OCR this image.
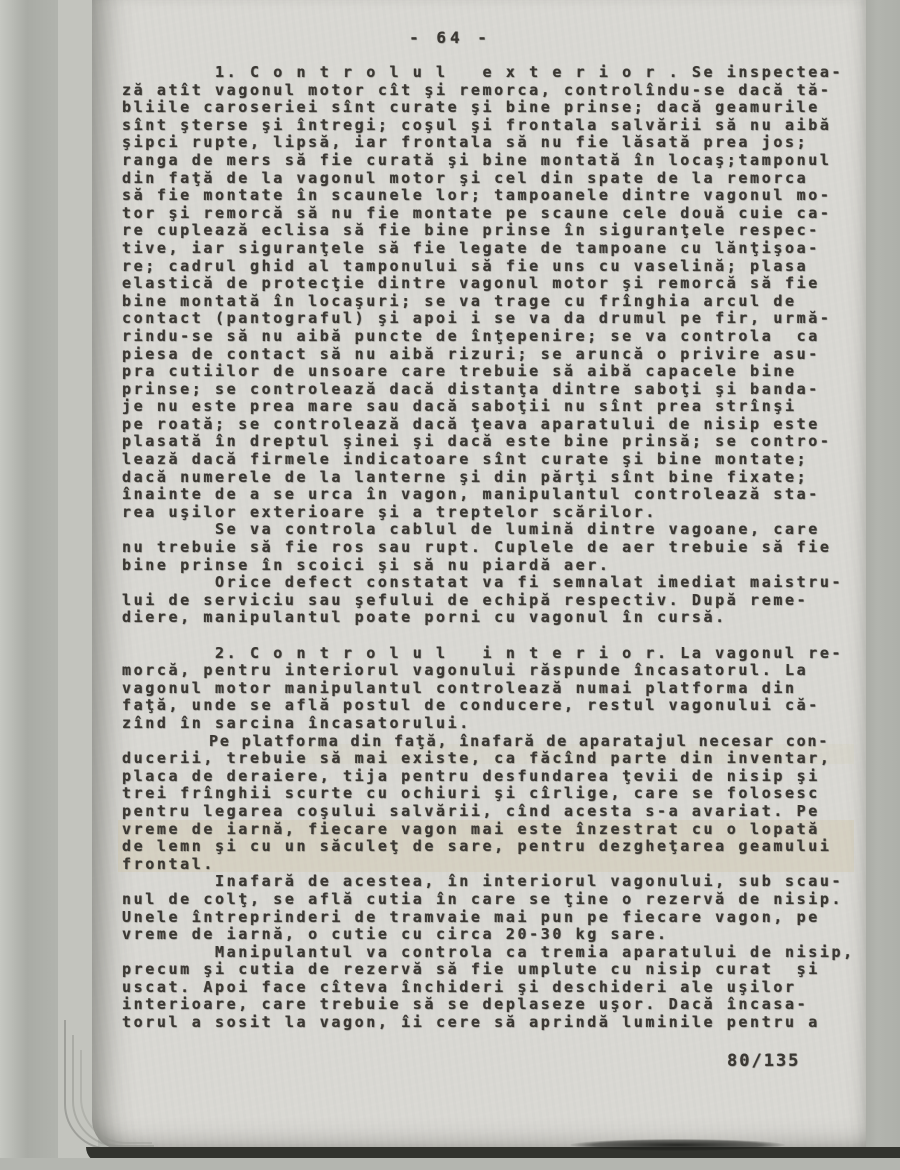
- 64 -
1. C o n t r o l u l   e x t e r i o r . Se inspectea-
ză atît vagonul motor cît şi remorca, controlîndu-se dacă tă-
bliile caroseriei sînt curate şi bine prinse; dacă geamurile
sînt şterse şi întregi; coşul şi frontala salvării să nu aibă
şipci rupte, lipsă, iar frontala să nu fie lăsată prea jos;
ranga de mers să fie curată şi bine montată în locaş;tamponul
din faţă de la vagonul motor şi cel din spate de la remorca
să fie montate în scaunele lor; tampoanele dintre vagonul mo-
tor şi remorcă să nu fie montate pe scaune cele două cuie ca-
re cuplează eclisa să fie bine prinse în siguranţele respec-
tive, iar siguranţele să fie legate de tampoane cu lănţişoa-
re; cadrul ghid al tamponului să fie uns cu vaselină; plasa
elastică de protecţie dintre vagonul motor şi remorcă să fie
bine montată în locaşuri; se va trage cu frînghia arcul de
contact (pantograful) şi apoi i se va da drumul pe fir, urmă-
rindu-se să nu aibă puncte de înţepenire; se va controla  ca
piesa de contact să nu aibă rizuri; se aruncă o privire asu-
pra cutiilor de unsoare care trebuie să aibă capacele bine
prinse; se controlează dacă distanţa dintre saboţi şi banda-
je nu este prea mare sau dacă saboţii nu sînt prea strînşi
pe roată; se controlează dacă ţeava aparatului de nisip este
plasată în dreptul şinei şi dacă este bine prinsă; se contro-
lează dacă firmele indicatoare sînt curate şi bine montate;
dacă numerele de la lanterne şi din părţi sînt bine fixate;
înainte de a se urca în vagon, manipulantul controlează sta-
rea uşilor exterioare şi a treptelor scărilor.
Se va controla cablul de lumină dintre vagoane, care
nu trebuie să fie ros sau rupt. Cuplele de aer trebuie să fie
bine prinse în scoici şi să nu piardă aer.
Orice defect constatat va fi semnalat imediat maistru-
lui de serviciu sau şefului de echipă respectiv. După reme-
diere, manipulantul poate porni cu vagonul în cursă.
2. C o n t r o l u l   i n t e r i o r. La vagonul re-
morcă, pentru interiorul vagonului răspunde încasatorul. La
vagonul motor manipulantul controlează numai platforma din
faţă, unde se află postul de conducere, restul vagonului că-
zînd în sarcina încasatorului.
Pe platforma din faţă, înafară de aparatajul necesar con-
ducerii, trebuie să mai existe, ca făcînd parte din inventar,
placa de deraiere, tija pentru desfundarea ţevii de nisip şi
trei frînghii scurte cu ochiuri şi cîrlige, care se folosesc
pentru legarea coşului salvării, cînd acesta s-a avariat. Pe
vreme de iarnă, fiecare vagon mai este înzestrat cu o lopată
de lemn şi cu un săculeţ de sare, pentru dezgheţarea geamului
frontal.
Inafară de acestea, în interiorul vagonului, sub scau-
nul de colţ, se află cutia în care se ţine o rezervă de nisip.
Unele întreprinderi de tramvaie mai pun pe fiecare vagon, pe
vreme de iarnă, o cutie cu circa 20-30 kg sare.
Manipulantul va controla ca tremia aparatului de nisip,
precum şi cutia de rezervă să fie umplute cu nisip curat  şi
uscat. Apoi face cîteva închideri şi deschideri ale uşilor
interioare, care trebuie să se deplaseze uşor. Dacă încasa-
torul a sosit la vagon, îi cere să aprindă luminile pentru a
80/135
